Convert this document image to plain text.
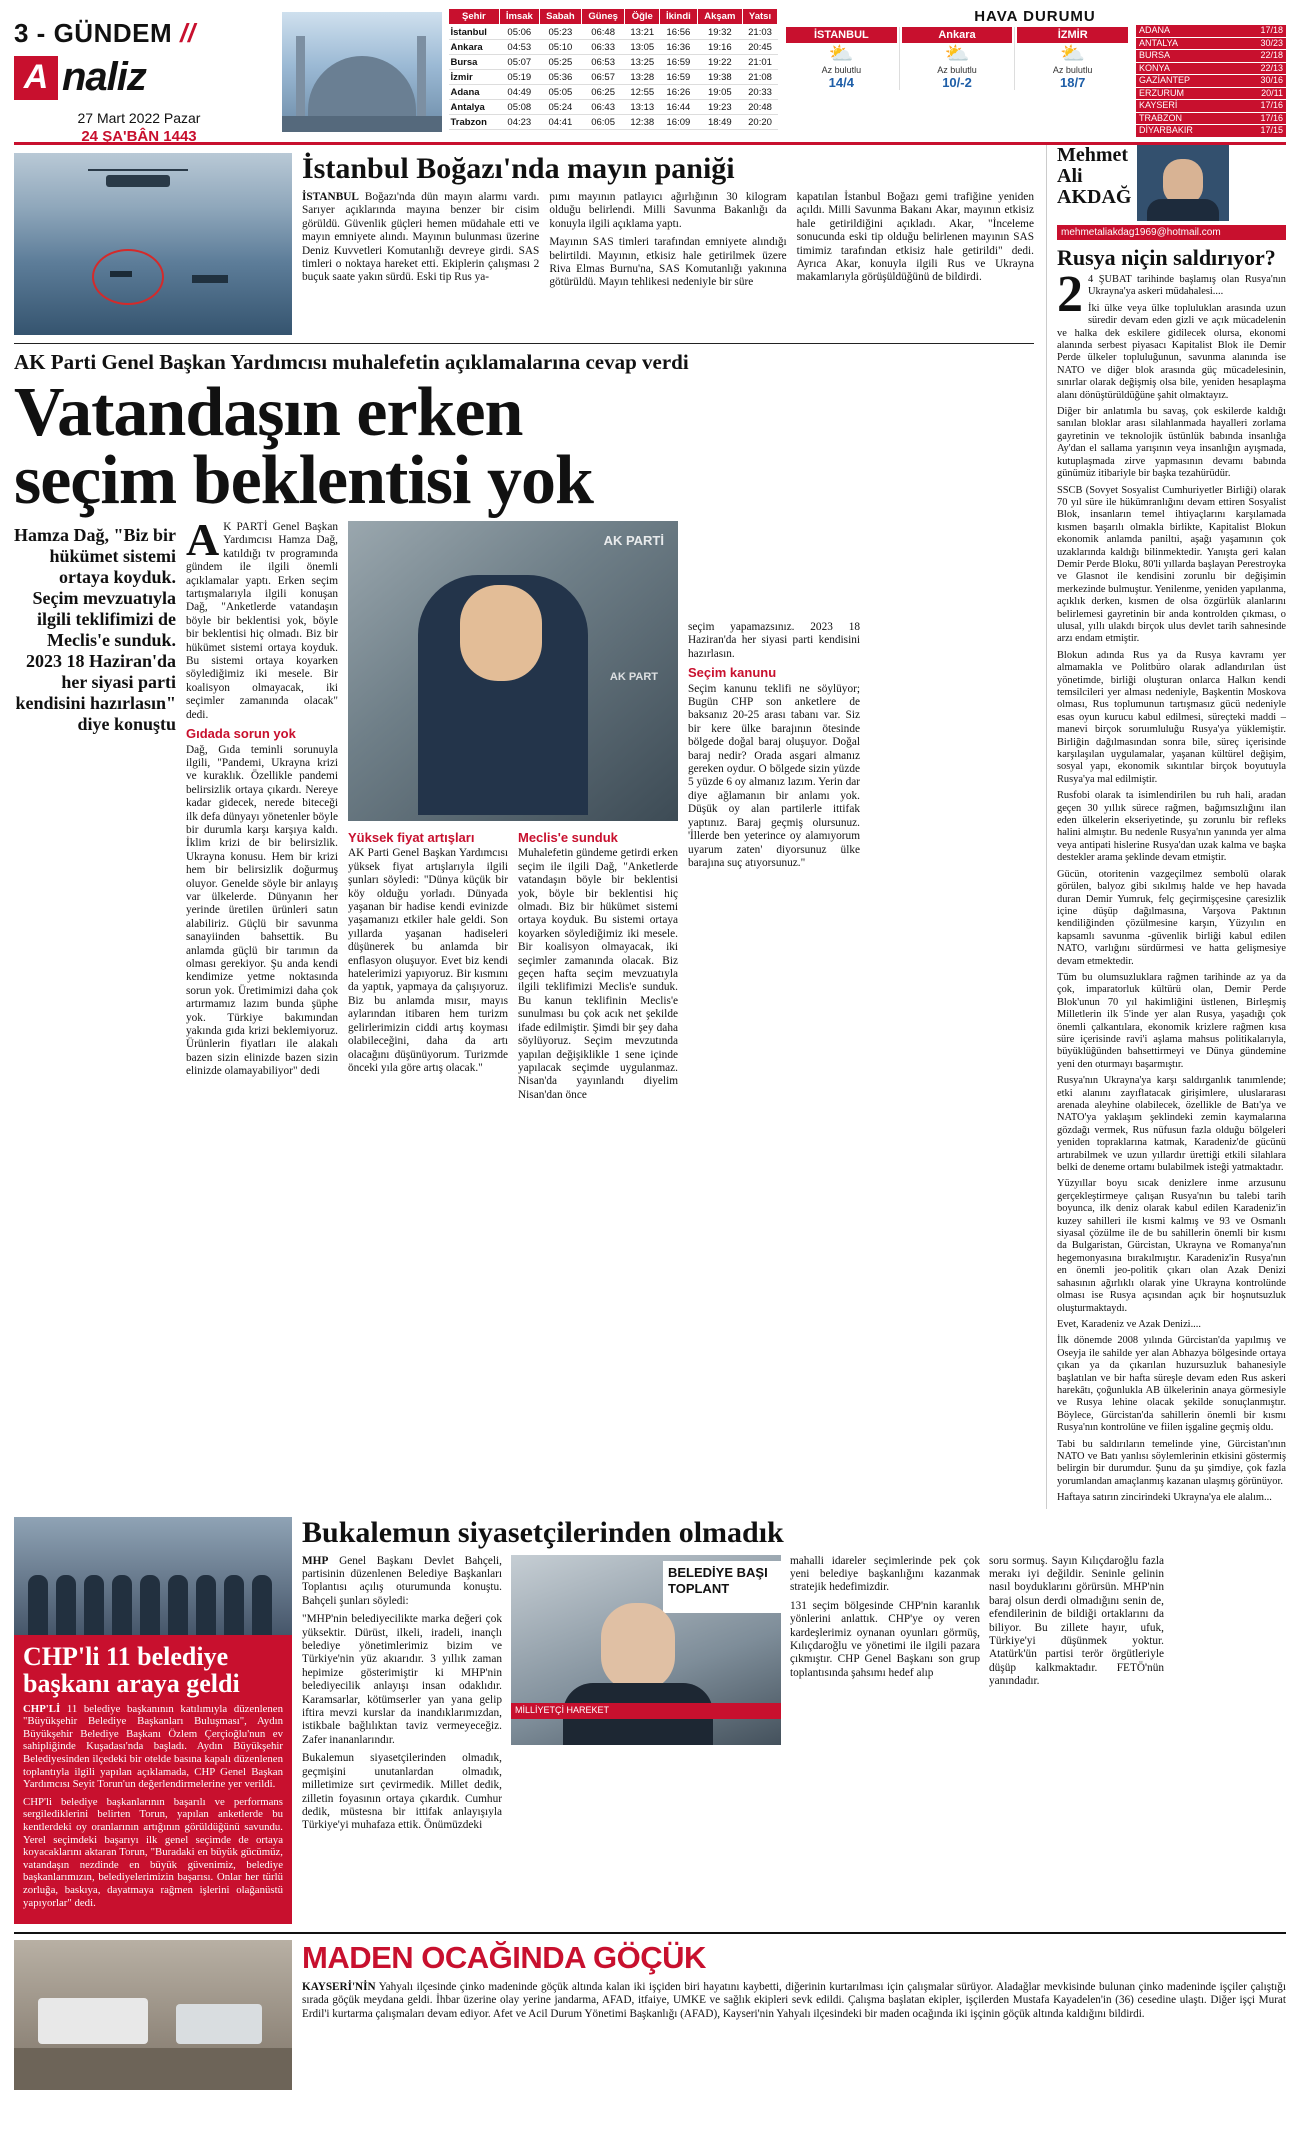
3 - GÜNDEM //
A naliz
27 Mart 2022 Pazar
24 ŞA'BÂN 1443
Şehir	İmsak	Sabah	Güneş	Öğle	İkindi	Akşam	Yatsı
İstanbul	05:06	05:23	06:48	13:21	16:56	19:32	21:03
Ankara	04:53	05:10	06:33	13:05	16:36	19:16	20:45
Bursa	05:07	05:25	06:53	13:25	16:59	19:22	21:01
İzmir	05:19	05:36	06:57	13:28	16:59	19:38	21:08
Adana	04:49	05:05	06:25	12:55	16:26	19:05	20:33
Antalya	05:08	05:24	06:43	13:13	16:44	19:23	20:48
Trabzon	04:23	04:41	06:05	12:38	16:09	18:49	20:20
HAVA DURUMU
İSTANBUL
⛅
Az bulutlu
14/4
Ankara
⛅
Az bulutlu
10/-2
İZMİR
⛅
Az bulutlu
18/7
ADANA	17/18
ANTALYA	30/23
BURSA	22/18
KONYA	22/13
GAZİANTEP	30/16
ERZURUM	20/11
KAYSERİ	17/16
TRABZON	17/16
DİYARBAKIR	17/15
İstanbul Boğazı'nda mayın paniği

İSTANBUL Boğazı'nda dün mayın alarmı vardı. Sarıyer açıklarında mayına benzer bir cisim görüldü. Güvenlik güçleri hemen müdahale etti ve mayın emniyete alındı. Mayının bulunması üzerine Deniz Kuvvetleri Komutanlığı devreye girdi. SAS timleri o noktaya hareket etti. Ekiplerin çalışması 2 buçuk saate yakın sürdü. Eski tip Rus ya-

pımı mayının patlayıcı ağırlığının 30 kilogram olduğu belirlendi. Milli Savunma Bakanlığı da konuyla ilgili açıklama yaptı.

Mayının SAS timleri tarafından emniyete alındığı belirtildi. Mayının, etkisiz hale getirilmek üzere Riva Elmas Burnu'na, SAS Komutanlığı yakınına götürüldü. Mayın tehlikesi nedeniyle bir süre

kapatılan İstanbul Boğazı gemi trafiğine yeniden açıldı. Milli Savunma Bakanı Akar, mayının etkisiz hale getirildiğini açıkladı. Akar, "İnceleme sonucunda eski tip olduğu belirlenen mayının SAS timimiz tarafından etkisiz hale getirildi" dedi. Ayrıca Akar, konuyla ilgili Rus ve Ukrayna makamlarıyla görüşüldüğünü de bildirdi.

AK Parti Genel Başkan Yardımcısı muhalefetin açıklamalarına cevap verdi
Vatandaşın erken
seçim beklentisi yok
Hamza Dağ, "Biz bir hükümet sistemi ortaya koyduk. Seçim mevzuatıyla ilgili teklifimizi de Meclis'e sunduk. 2023 18 Haziran'da her siyasi parti kendisini hazırlasın" diye konuştu

A K PARTİ Genel Başkan Yardımcısı Hamza Dağ, katıldığı tv programında gündem ile ilgili önemli açıklamalar yaptı. Erken seçim tartışmalarıyla ilgili konuşan Dağ, "Anketlerde vatandaşın böyle bir beklentisi yok, böyle bir beklentisi hiç olmadı. Biz bir hükümet sistemi ortaya koyduk. Bu sistemi ortaya koyarken söylediğimiz iki mesele. Bir koalisyon olmayacak, iki seçimler zamanında olacak" dedi.

Gıdada sorun yok

Dağ, Gıda teminli sorunuyla ilgili, "Pandemi, Ukrayna krizi ve kuraklık. Özellikle pandemi belirsizlik ortaya çıkardı. Nereye kadar gidecek, nerede biteceği ilk defa dünyayı yönetenler böyle bir durumla karşı karşıya kaldı. İklim krizi de bir belirsizlik. Ukrayna konusu. Hem bir krizi hem bir belirsizlik doğurmuş oluyor. Genelde söyle bir anlayış var ülkelerde. Dünyanın her yerinde üretilen ürünleri satın alabiliriz. Güçlü bir savunma sanayiinden bahsettik. Bu anlamda güçlü bir tarımın da olması gerekiyor. Şu anda kendi kendimize yetme noktasında sorun yok. Üretimimizi daha çok artırmamız lazım bunda şüphe yok. Türkiye bakımından yakında gıda krizi beklemiyoruz. Ürünlerin fiyatları ile alakalı bazen sizin elinizde bazen sizin elinizde olamayabiliyor" dedi

AK PARTİ
AK PART
Yüksek fiyat artışları

AK Parti Genel Başkan Yardımcısı yüksek fiyat artışlarıyla ilgili şunları söyledi: "Dünya küçük bir köy olduğu yorladı. Dünyada yaşanan bir hadise kendi evinizde yaşamanızı etkiler hale geldi. Son yıllarda yaşanan hadiseleri düşünerek bu anlamda bir enflasyon oluşuyor. Evet biz kendi hatelerimizi yapıyoruz. Bir kısmını da yaptık, yapmaya da çalışıyoruz. Biz bu anlamda mısır, mayıs aylarından itibaren hem turizm gelirlerimizin ciddi artış koyması olabileceğini, daha da artı olacağını düşünüyorum. Turizmde önceki yıla göre artış olacak."

Meclis'e sunduk

Muhalefetin gündeme getirdi erken seçim ile ilgili Dağ, "Anketlerde vatandaşın böyle bir beklentisi yok, böyle bir beklentisi hiç olmadı. Biz bir hükümet sistemi ortaya koyduk. Bu sistemi ortaya koyarken söylediğimiz iki mesele. Bir koalisyon olmayacak, iki seçimler zamanında olacak. Biz geçen hafta seçim mevzuatıyla ilgili teklifimizi Meclis'e sunduk. Bu kanun teklifinin Meclis'e sunulması bu çok acık net şekilde ifade edilmiştir. Şimdi bir şey daha söylüyoruz. Seçim mevzutında yapılan değişiklikle 1 sene içinde yapılacak seçimde uygulanmaz. Nisan'da yayınlandı diyelim Nisan'dan önce

seçim yapamazsınız. 2023 18 Haziran'da her siyasi parti kendisini hazırlasın.

Seçim kanunu

Seçim kanunu teklifi ne söylüyor; Bugün CHP son anketlere de baksanız 20-25 arası tabanı var. Siz bir kere ülke barajının ötesinde bölgede doğal baraj oluşuyor. Doğal baraj nedir? Orada asgari almanız gereken oydur. O bölgede sizin yüzde 5 yüzde 6 oy almanız lazım. Yerin dar diye ağlamanın bir anlamı yok. Düşük oy alan partilerle ittifak yaptınız. Baraj geçmiş olursunuz. 'İllerde ben yeterince oy alamıyorum uyarum zaten' diyorsunuz ülke barajına suç atıyorsunuz."

Mehmet
Ali
AKDAĞ
mehmetaliakdag1969@hotmail.com
Rusya niçin saldırıyor?

2 4 ŞUBAT tarihinde başlamış olan Rusya'nın Ukrayna'ya askeri müdahalesi....

İki ülke veya ülke topluluklan arasında uzun süredir devam eden gizli ve açık mücadelenin ve halka dek eskilere gidilecek olursa, ekonomi alanında serbest piyasacı Kapitalist Blok ile Demir Perde ülkeler topluluğunun, savunma alanında ise NATO ve diğer blok arasında güç mücadelesinin, sınırlar olarak değişmiş olsa bile, yeniden hesaplaşma alanı dönüştürüldüğüne şahit olmaktayız.

Diğer bir anlatımla bu savaş, çok eskilerde kaldığı sanılan bloklar arası silahlanmada hayalleri zorlama gayretinin ve teknolojik üstünlük babında insanlığa Ay'dan el sallama yarışının veya insanlığın ayışmada, kutuplaşmada zirve yapmasının devamı babında günümüz itibariyle bir başka tezahürüdür.

SSCB (Sovyet Sosyalist Cumhuriyetler Birliği) olarak 70 yıl süre ile hükümranlığını devam ettiren Sosyalist Blok, insanların temel ihtiyaçlarını karşılamada kısmen başarılı olmakla birlikte, Kapitalist Blokun ekonomik anlamda paniltıi, aşağı yaşamının çok uzaklarında kaldığı bilinmektedir. Yanışta geri kalan Demir Perde Bloku, 80'li yıllarda başlayan Perestroyka ve Glasnot ile kendisini zorunlu bir değişimin merkezinde bulmuştur. Yenilenme, yeniden yapılanma, açıklık derken, kısmen de olsa özgürlük alanlarını belirlemesi gayretinin bir anda kontrolden çıkması, o ulusal, yıllı ulakdı birçok ulus devlet tarih sahnesinde arzı endam etmiştir.

Blokun adında Rus ya da Rusya kavramı yer almamakla ve Politbüro olarak adlandırılan üst yönetimde, birliği oluşturan onlarca Halkın kendi temsilcileri yer alması nedeniyle, Başkentin Moskova olması, Rus toplumunun tartışmasız gücü nedeniyle esas oyun kurucu kabul edilmesi, süreçteki maddi – manevi birçok soruımluluğu Rusya'ya yüklemiştir. Birliğin dağılmasından sonra bile, süreç içerisinde karşılaşılan uygulamalar, yaşanan kültürel değişim, sosyal yapı, ekonomik sıkıntılar birçok boyutuyla Rusya'ya mal edilmiştir.

Rusfobi olarak ta isimlendirilen bu ruh hali, aradan geçen 30 yıllık sürece rağmen, bağımsızlığını ilan eden ülkelerin ekseriyetinde, şu zorunlu bir refleks halini almıştır. Bu nedenle Rusya'nın yanında yer alma veya antipati hislerine Rusya'dan uzak kalma ve başka destekler arama şeklinde devam etmiştir.

Gücün, otoritenin vazgeçilmez sembolü olarak görülen, balyoz gibi sıkılmış halde ve hep havada duran Demir Yumruk, felç geçirmişçesine çaresizlik içine düşüp dağılmasına, Varşova Paktının kendiliğinden çözülmesine karşın, Yüzyılın en kapsamlı savunma -güvenlik birliği kabul edilen NATO, varlığını sürdürmesi ve hatta gelişmesiye devam etmektedir.

Tüm bu olumsuzluklara rağmen tarihinde az ya da çok, imparatorluk kültürü olan, Demir Perde Blok'unun 70 yıl hakimliğini üstlenen, Birleşmiş Milletlerin ilk 5'inde yer alan Rusya, yaşadığı çok önemli çalkantılara, ekonomik krizlere rağmen kısa süre içerisinde ravi'i aşlama mahsus politikalarıyla, büyüklüğünden bahsettirmeyi ve Dünya gündemine yeni den oturmayı başarmıştır.

Rusya'nın Ukrayna'ya karşı saldırganlık tanımlende; etki alanını zayıflatacak girişimlere, uluslararası arenada aleyhine olabilecek, özellikle de Batı'ya ve NATO'ya yaklaşım şeklindeki zemin kaymalarına gözdağı vermek, Rus nüfusun fazla olduğu bölgeleri yeniden topraklarına katmak, Karadeniz'de gücünü artırabilmek ve uzun yıllardır ürettiği etkili silahlara belki de deneme ortamı bulabilmek isteği yatmaktadır.

Yüzyıllar boyu sıcak denizlere inme arzusunu gerçekleştirmeye çalışan Rusya'nın bu talebi tarih boyunca, ilk deniz olarak kabul edilen Karadeniz'in kuzey sahilleri ile kısmi kalmış ve 93 ve Osmanlı siyasal çözülme ile de bu sahillerin önemli bir kısmı da Bulgaristan, Gürcistan, Ukrayna ve Romanya'nın hegemonyasına bırakılmıştır. Karadeniz'in Rusya'nın en önemli jeo-politik çıkarı olan Azak Denizi sahasının ağırlıklı olarak yine Ukrayna kontrolünde olması ise Rusya açısından açık bir hoşnutsuzluk oluşturmaktaydı.

Evet, Karadeniz ve Azak Denizi....

İlk dönemde 2008 yılında Gürcistan'da yapılmış ve Oseyja ile sahilde yer alan Abhazya bölgesinde ortaya çıkan ya da çıkarılan huzursuzluk bahanesiyle başlatılan ve bir hafta süreşle devam eden Rus askeri harekâtı, çoğunlukla AB ülkelerinin anaya görmesiyle ve Rusya lehine olacak şekilde sonuçlanmıştır. Böylece, Gürcistan'da sahillerin önemli bir kısmı Rusya'nın kontrolüne ve fiilen işgaline geçmiş oldu.

Tabi bu saldırıların temelinde yine, Gürcistan'ının NATO ve Batı yanlısı söylemlerinin etkisini göstermiş belirgin bir durumdur. Şunu da şu şimdiye, çok fazla yorumlandan amaçlanmış kazanan ulaşmış görünüyor.

Haftaya satırın zincirindeki Ukrayna'ya ele alalım...

CHP'li 11 belediye başkanı araya geldi

CHP'Lİ 11 belediye başkanının katılımıyla düzenlenen "Büyükşehir Belediye Başkanları Buluşması", Aydın Büyükşehir Belediye Başkanı Özlem Çerçioğlu'nun ev sahipliğinde Kuşadası'nda başladı. Aydın Büyükşehir Belediyesinden ilçedeki bir otelde basına kapalı düzenlenen toplantıyla ilgili yapılan açıklamada, CHP Genel Başkan Yardımcısı Seyit Torun'un değerlendirmelerine yer verildi.

CHP'li belediye başkanlarının başarılı ve performans sergilediklerini belirten Torun, yapılan anketlerde bu kentlerdeki oy oranlarının artığının görüldüğünü savundu. Yerel seçimdeki başarıyı ilk genel seçimde de ortaya koyacaklarını aktaran Torun, "Buradaki en büyük gücümüz, vatandaşın nezdinde en büyük güvenimiz, belediye başkanlarımızın, belediyelerimizin başarısı. Onlar her türlü zorluğa, baskıya, dayatmaya rağmen işlerini olağanüstü yapıyorlar" dedi.

Bukalemun siyasetçilerinden olmadık

MHP Genel Başkanı Devlet Bahçeli, partisinin düzenlenen Belediye Başkanları Toplantısı açılış oturumunda konuştu. Bahçeli şunları söyledi:

"MHP'nin belediyecilikte marka değeri çok yüksektir. Dürüst, ilkeli, iradeli, inançlı belediye yönetimlerimiz bizim ve Türkiye'nin yüz akıarıdır. 3 yıllık zaman hepimize gösterimiştir ki MHP'nin belediyecilik anlayışı insan odaklıdır. Karamsarlar, kötümserler yan yana gelip iftira mevzi kurslar da inandıklarımızdan, istikbale bağlılıktan taviz vermeyeceğiz. Zafer inananlarındır.

Bukalemun siyasetçilerinden olmadık, geçmişini unutanlardan olmadık, milletimize sırt çevirmedik. Millet dedik, zilletin foyasının ortaya çıkardık. Cumhur dedik, müstesna bir ittifak anlayışıyla Türkiye'yi muhafaza ettik. Önümüzdeki

BELEDİYE BAŞI
TOPLANT
MİLLİYETÇİ HAREKET

mahalli idareler seçimlerinde pek çok yeni belediye başkanlığını kazanmak stratejik hedefimizdir.

131 seçim bölgesinde CHP'nin karanlık yönlerini anlattık. CHP'ye oy veren kardeşlerimiz oynanan oyunları görmüş, Kılıçdaroğlu ve yönetimi ile ilgili pazara çıkmıştır. CHP Genel Başkanı son grup toplantısında şahsımı hedef alıp

soru sormuş. Sayın Kılıçdaroğlu fazla merakı iyi değildir. Seninle gelinin nasıl boyduklarını görürsün. MHP'nin baraj olsun derdi olmadığını senin de, efendilerinin de bildiği ortaklarını da biliyor. Bu zillete hayır, ufuk, Türkiye'yi düşünmek yoktur. Atatürk'ün partisi terör örgütleriyle düşüp kalkmaktadır. FETÖ'nün yanındadır.

MADEN OCAĞINDA GÖÇÜK

KAYSERİ'NİN Yahyalı ilçesinde çinko madeninde göçük altında kalan iki işçiden biri hayatını kaybetti, diğerinin kurtarılması için çalışmalar sürüyor. Aladağlar mevkisinde bulunan çinko madeninde işçiler çalıştığı sırada göçük meydana geldi. İhbar üzerine olay yerine jandarma, AFAD, itfaiye, UMKE ve sağlık ekipleri sevk edildi. Çalışma başlatan ekipler, işçilerden Mustafa Kayadelen'in (36) cesedine ulaştı. Diğer işçi Murat Erdil'i kurtarma çalışmaları devam ediyor. Afet ve Acil Durum Yönetimi Başkanlığı (AFAD), Kayseri'nin Yahyalı ilçesindeki bir maden ocağında iki işçinin göçük altında kaldığını bildirdi.
